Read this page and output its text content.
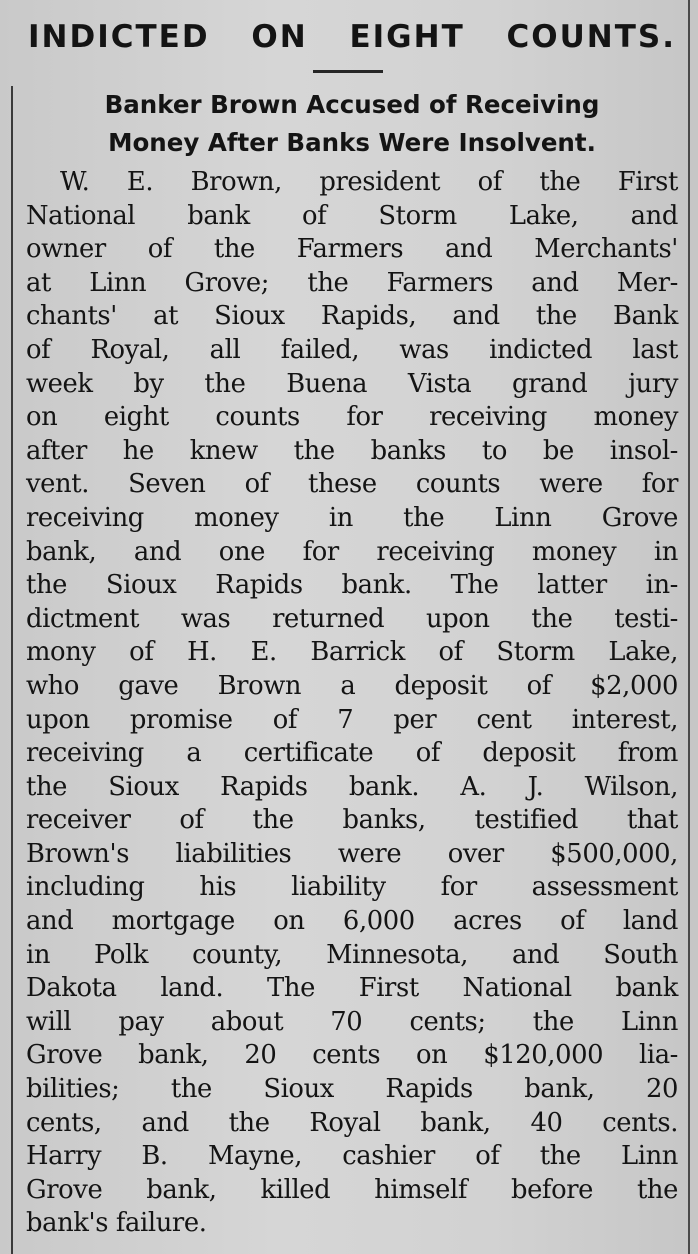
INDICTED ON EIGHT COUNTS.
Banker Brown Accused of Receiving
Money After Banks Were Insolvent.
W. E. Brown, president of the First
National bank of Storm Lake, and
owner of the Farmers and Merchants'
at Linn Grove; the Farmers and Mer-
chants' at Sioux Rapids, and the Bank
of Royal, all failed, was indicted last
week by the Buena Vista grand jury
on eight counts for receiving money
after he knew the banks to be insol-
vent. Seven of these counts were for
receiving money in the Linn Grove
bank, and one for receiving money in
the Sioux Rapids bank. The latter in-
dictment was returned upon the testi-
mony of H. E. Barrick of Storm Lake,
who gave Brown a deposit of $2,000
upon promise of 7 per cent interest,
receiving a certificate of deposit from
the Sioux Rapids bank. A. J. Wilson,
receiver of the banks, testified that
Brown's liabilities were over $500,000,
including his liability for assessment
and mortgage on 6,000 acres of land
in Polk county, Minnesota, and South
Dakota land. The First National bank
will pay about 70 cents; the Linn
Grove bank, 20 cents on $120,000 lia-
bilities; the Sioux Rapids bank, 20
cents, and the Royal bank, 40 cents.
Harry B. Mayne, cashier of the Linn
Grove bank, killed himself before the
bank's failure.
